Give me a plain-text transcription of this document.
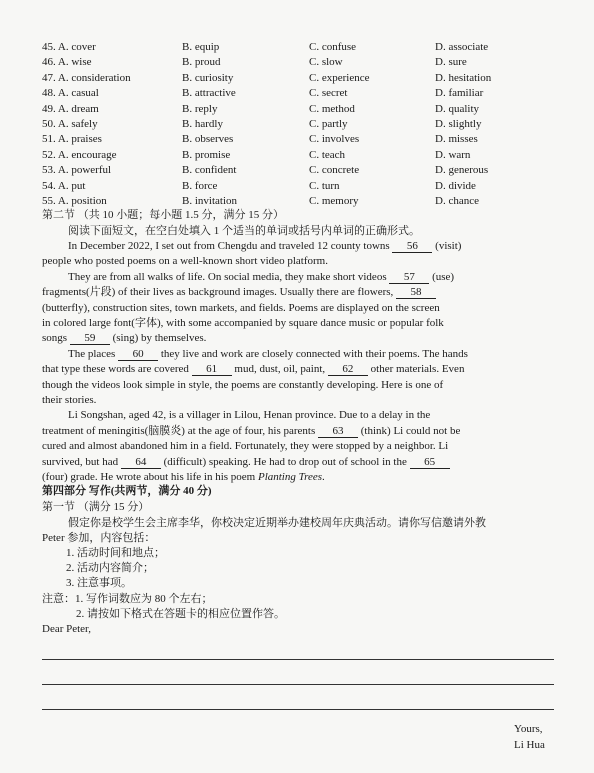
45. A. cover	B. equip	C. confuse	D. associate
46. A. wise	B. proud	C. slow	D. sure
47. A. consideration	B. curiosity	C. experience	D. hesitation
48. A. casual	B. attractive	C. secret	D. familiar
49. A. dream	B. reply	C. method	D. quality
50. A. safely	B. hardly	C. partly	D. slightly
51. A. praises	B. observes	C. involves	D. misses
52. A. encourage	B. promise	C. teach	D. warn
53. A. powerful	B. confident	C. concrete	D. generous
54. A. put	B. force	C. turn	D. divide
55. A. position	B. invitation	C. memory	D. chance
第二节 （共 10 小题；每小题 1.5 分，满分 15 分）
阅读下面短文，在空白处填入 1 个适当的单词或括号内单词的正确形式。
In December 2022, I set out from Chengdu and traveled 12 county towns 56 (visit)
people who posted poems on a well-known short video platform.
They are from all walks of life. On social media, they make short videos 57 (use)
fragments(片段) of their lives as background images. Usually there are flowers, 58
(butterfly), construction sites, town markets, and fields. Poems are displayed on the screen
in colored large font(字体), with some accompanied by square dance music or popular folk
songs 59 (sing) by themselves.
The places 60 they live and work are closely connected with their poems. The hands
that type these words are covered 61 mud, dust, oil, paint, 62 other materials. Even
though the videos look simple in style, the poems are constantly developing. Here is one of
their stories.
Li Songshan, aged 42, is a villager in Lilou, Henan province. Due to a delay in the
treatment of meningitis(脑膜炎) at the age of four, his parents 63 (think) Li could not be
cured and almost abandoned him in a field. Fortunately, they were stopped by a neighbor. Li
survived, but had 64 (difficult) speaking. He had to drop out of school in the 65
(four) grade. He wrote about his life in his poem Planting Trees.
第四部分 写作(共两节，满分 40 分)
第一节 （满分 15 分）
假定你是校学生会主席李华，你校决定近期举办建校周年庆典活动。请你写信邀请外教
Peter 参加，内容包括：
1. 活动时间和地点；
2. 活动内容简介；
3. 注意事项。
注意：1. 写作词数应为 80 个左右；
2. 请按如下格式在答题卡的相应位置作答。
Dear Peter,
Yours,
Li Hua
